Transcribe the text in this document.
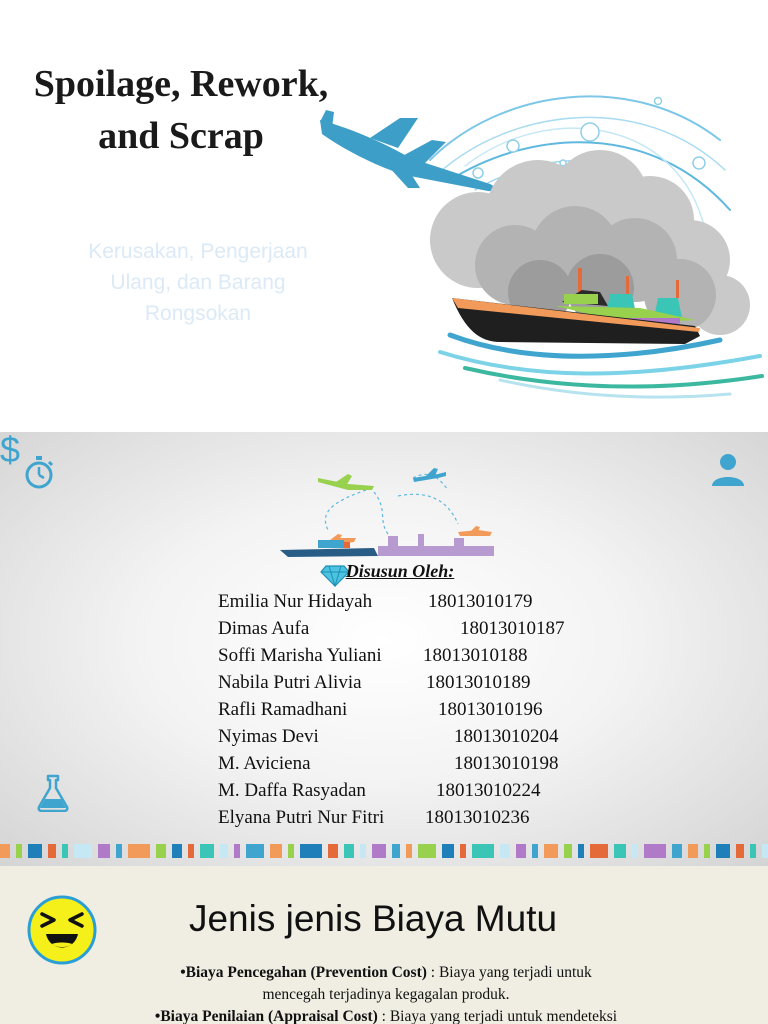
Spoilage, Rework,
and Scrap
Kerusakan, Pengerjaan
Ulang, dan Barang
Rongsokan
$
Disusun Oleh:
Emilia Nur Hidayah	18013010179
Dimas Aufa	18013010187
Soffi Marisha Yuliani 18013010188
Nabila Putri Alivia	18013010189
Rafli Ramadhani	18013010196
Nyimas Devi	18013010204
M. Aviciena	18013010198
M. Daffa Rasyadan	18013010224
Elyana Putri Nur Fitri 18013010236
Jenis jenis Biaya Mutu

•Biaya Pencegahan (Prevention Cost) : Biaya yang terjadi untuk

mencegah terjadinya kegagalan produk.

•Biaya Penilaian (Appraisal Cost) : Biaya yang terjadi untuk mendeteksi
